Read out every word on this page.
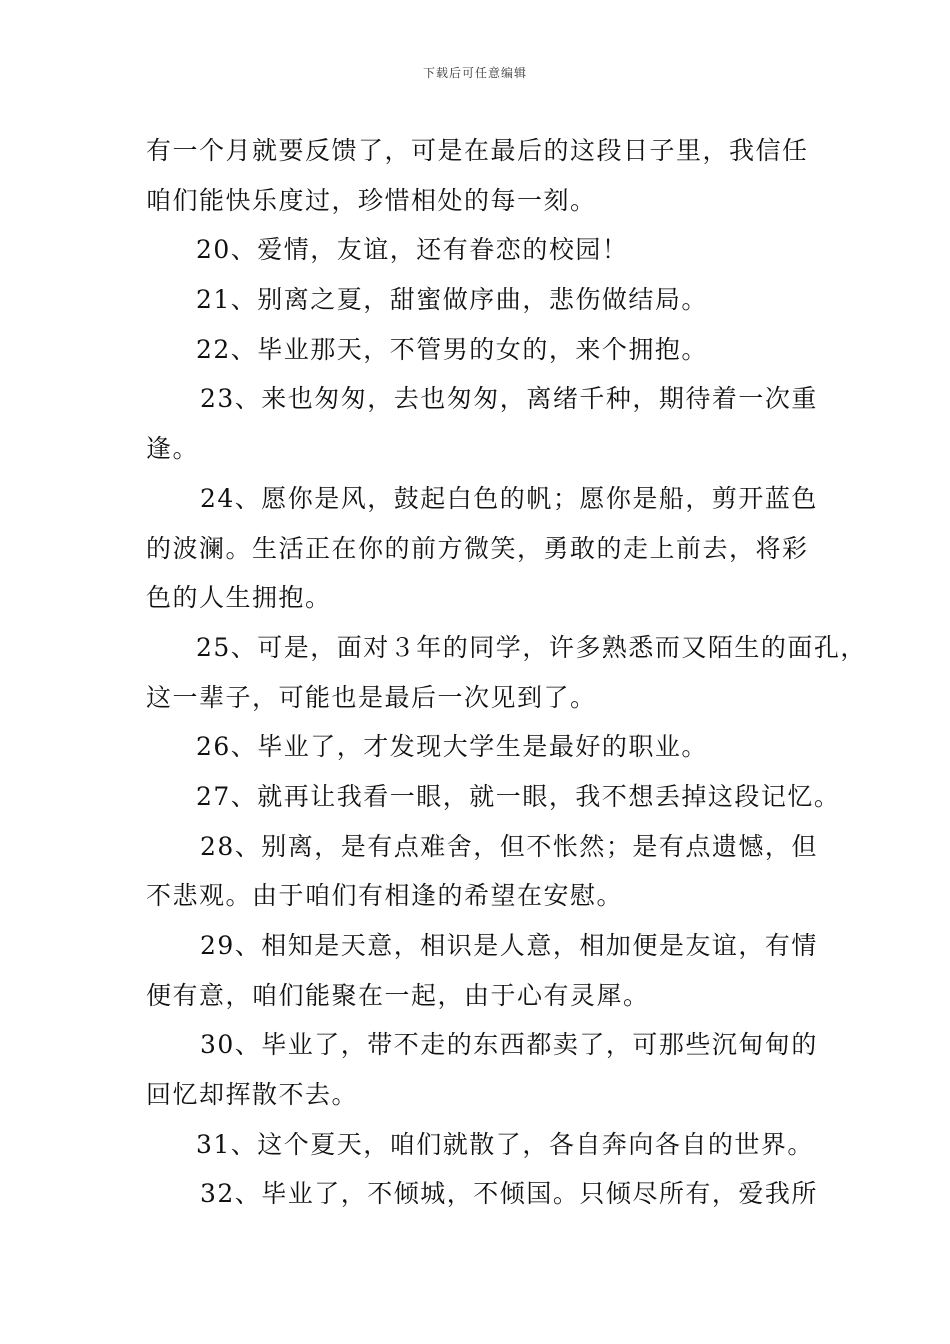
下载后可任意编辑
有一个月就要反馈了，可是在最后的这段日子里，我信任
咱们能快乐度过，珍惜相处的每一刻。
20、爱情，友谊，还有眷恋的校园！
21、别离之夏，甜蜜做序曲，悲伤做结局。
22、毕业那天，不管男的女的，来个拥抱。
23、来也匆匆，去也匆匆，离绪千种，期待着一次重
逢。
24、愿你是风，鼓起白色的帆；愿你是船，剪开蓝色
的波澜。生活正在你的前方微笑，勇敢的走上前去，将彩
色的人生拥抱。
25、可是，面对３年的同学，许多熟悉而又陌生的面孔，
这一辈子，可能也是最后一次见到了。
26、毕业了，才发现大学生是最好的职业。
27、就再让我看一眼，就一眼，我不想丢掉这段记忆。
28、别离，是有点难舍，但不怅然；是有点遗憾，但
不悲观。由于咱们有相逢的希望在安慰。
29、相知是天意，相识是人意，相加便是友谊，有情
便有意，咱们能聚在一起，由于心有灵犀。
30、毕业了，带不走的东西都卖了，可那些沉甸甸的
回忆却挥散不去。
31、这个夏天，咱们就散了，各自奔向各自的世界。
32、毕业了，不倾城，不倾国。只倾尽所有，爱我所
